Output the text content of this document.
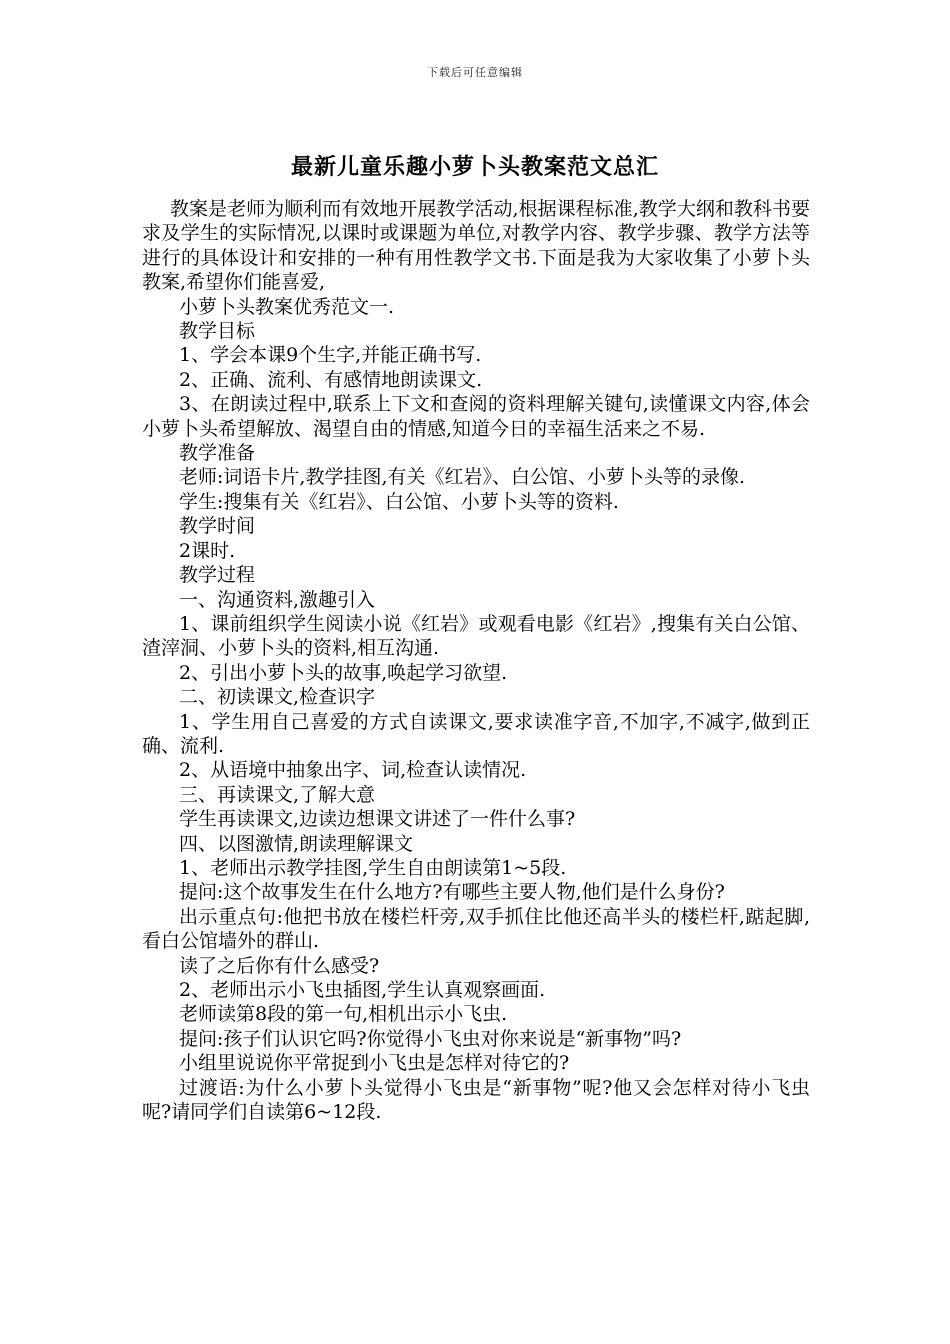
下载后可任意编辑
最新儿童乐趣小萝卜头教案范文总汇

教案是老师为顺利而有效地开展教学活动,根据课程标准,教学大纲和教科书要求及学生的实际情况,以课时或课题为单位,对教学内容、教学步骤、教学方法等进行的具体设计和安排的一种有用性教学文书.下面是我为大家收集了小萝卜头教案,希望你们能喜爱,

小萝卜头教案优秀范文一.

教学目标

1、学会本课9个生字,并能正确书写.

2、正确、流利、有感情地朗读课文.

3、在朗读过程中,联系上下文和查阅的资料理解关键句,读懂课文内容,体会小萝卜头希望解放、渴望自由的情感,知道今日的幸福生活来之不易.

教学准备

老师:词语卡片,教学挂图,有关《红岩》、白公馆、小萝卜头等的录像.

学生:搜集有关《红岩》、白公馆、小萝卜头等的资料.

教学时间

2课时.

教学过程

一、沟通资料,激趣引入

1、课前组织学生阅读小说《红岩》或观看电影《红岩》,搜集有关白公馆、渣滓洞、小萝卜头的资料,相互沟通.

2、引出小萝卜头的故事,唤起学习欲望.

二、初读课文,检查识字

1、学生用自己喜爱的方式自读课文,要求读准字音,不加字,不减字,做到正确、流利.

2、从语境中抽象出字、词,检查认读情况.

三、再读课文,了解大意

学生再读课文,边读边想课文讲述了一件什么事?

四、以图激情,朗读理解课文

1、老师出示教学挂图,学生自由朗读第1~5段.

提问:这个故事发生在什么地方?有哪些主要人物,他们是什么身份?

出示重点句:他把书放在楼栏杆旁,双手抓住比他还高半头的楼栏杆,踮起脚,看白公馆墙外的群山.

读了之后你有什么感受?

2、老师出示小飞虫插图,学生认真观察画面.

老师读第8段的第一句,相机出示小飞虫.

提问:孩子们认识它吗?你觉得小飞虫对你来说是“新事物”吗?

小组里说说你平常捉到小飞虫是怎样对待它的?

过渡语:为什么小萝卜头觉得小飞虫是“新事物”呢?他又会怎样对待小飞虫呢?请同学们自读第6~12段.
